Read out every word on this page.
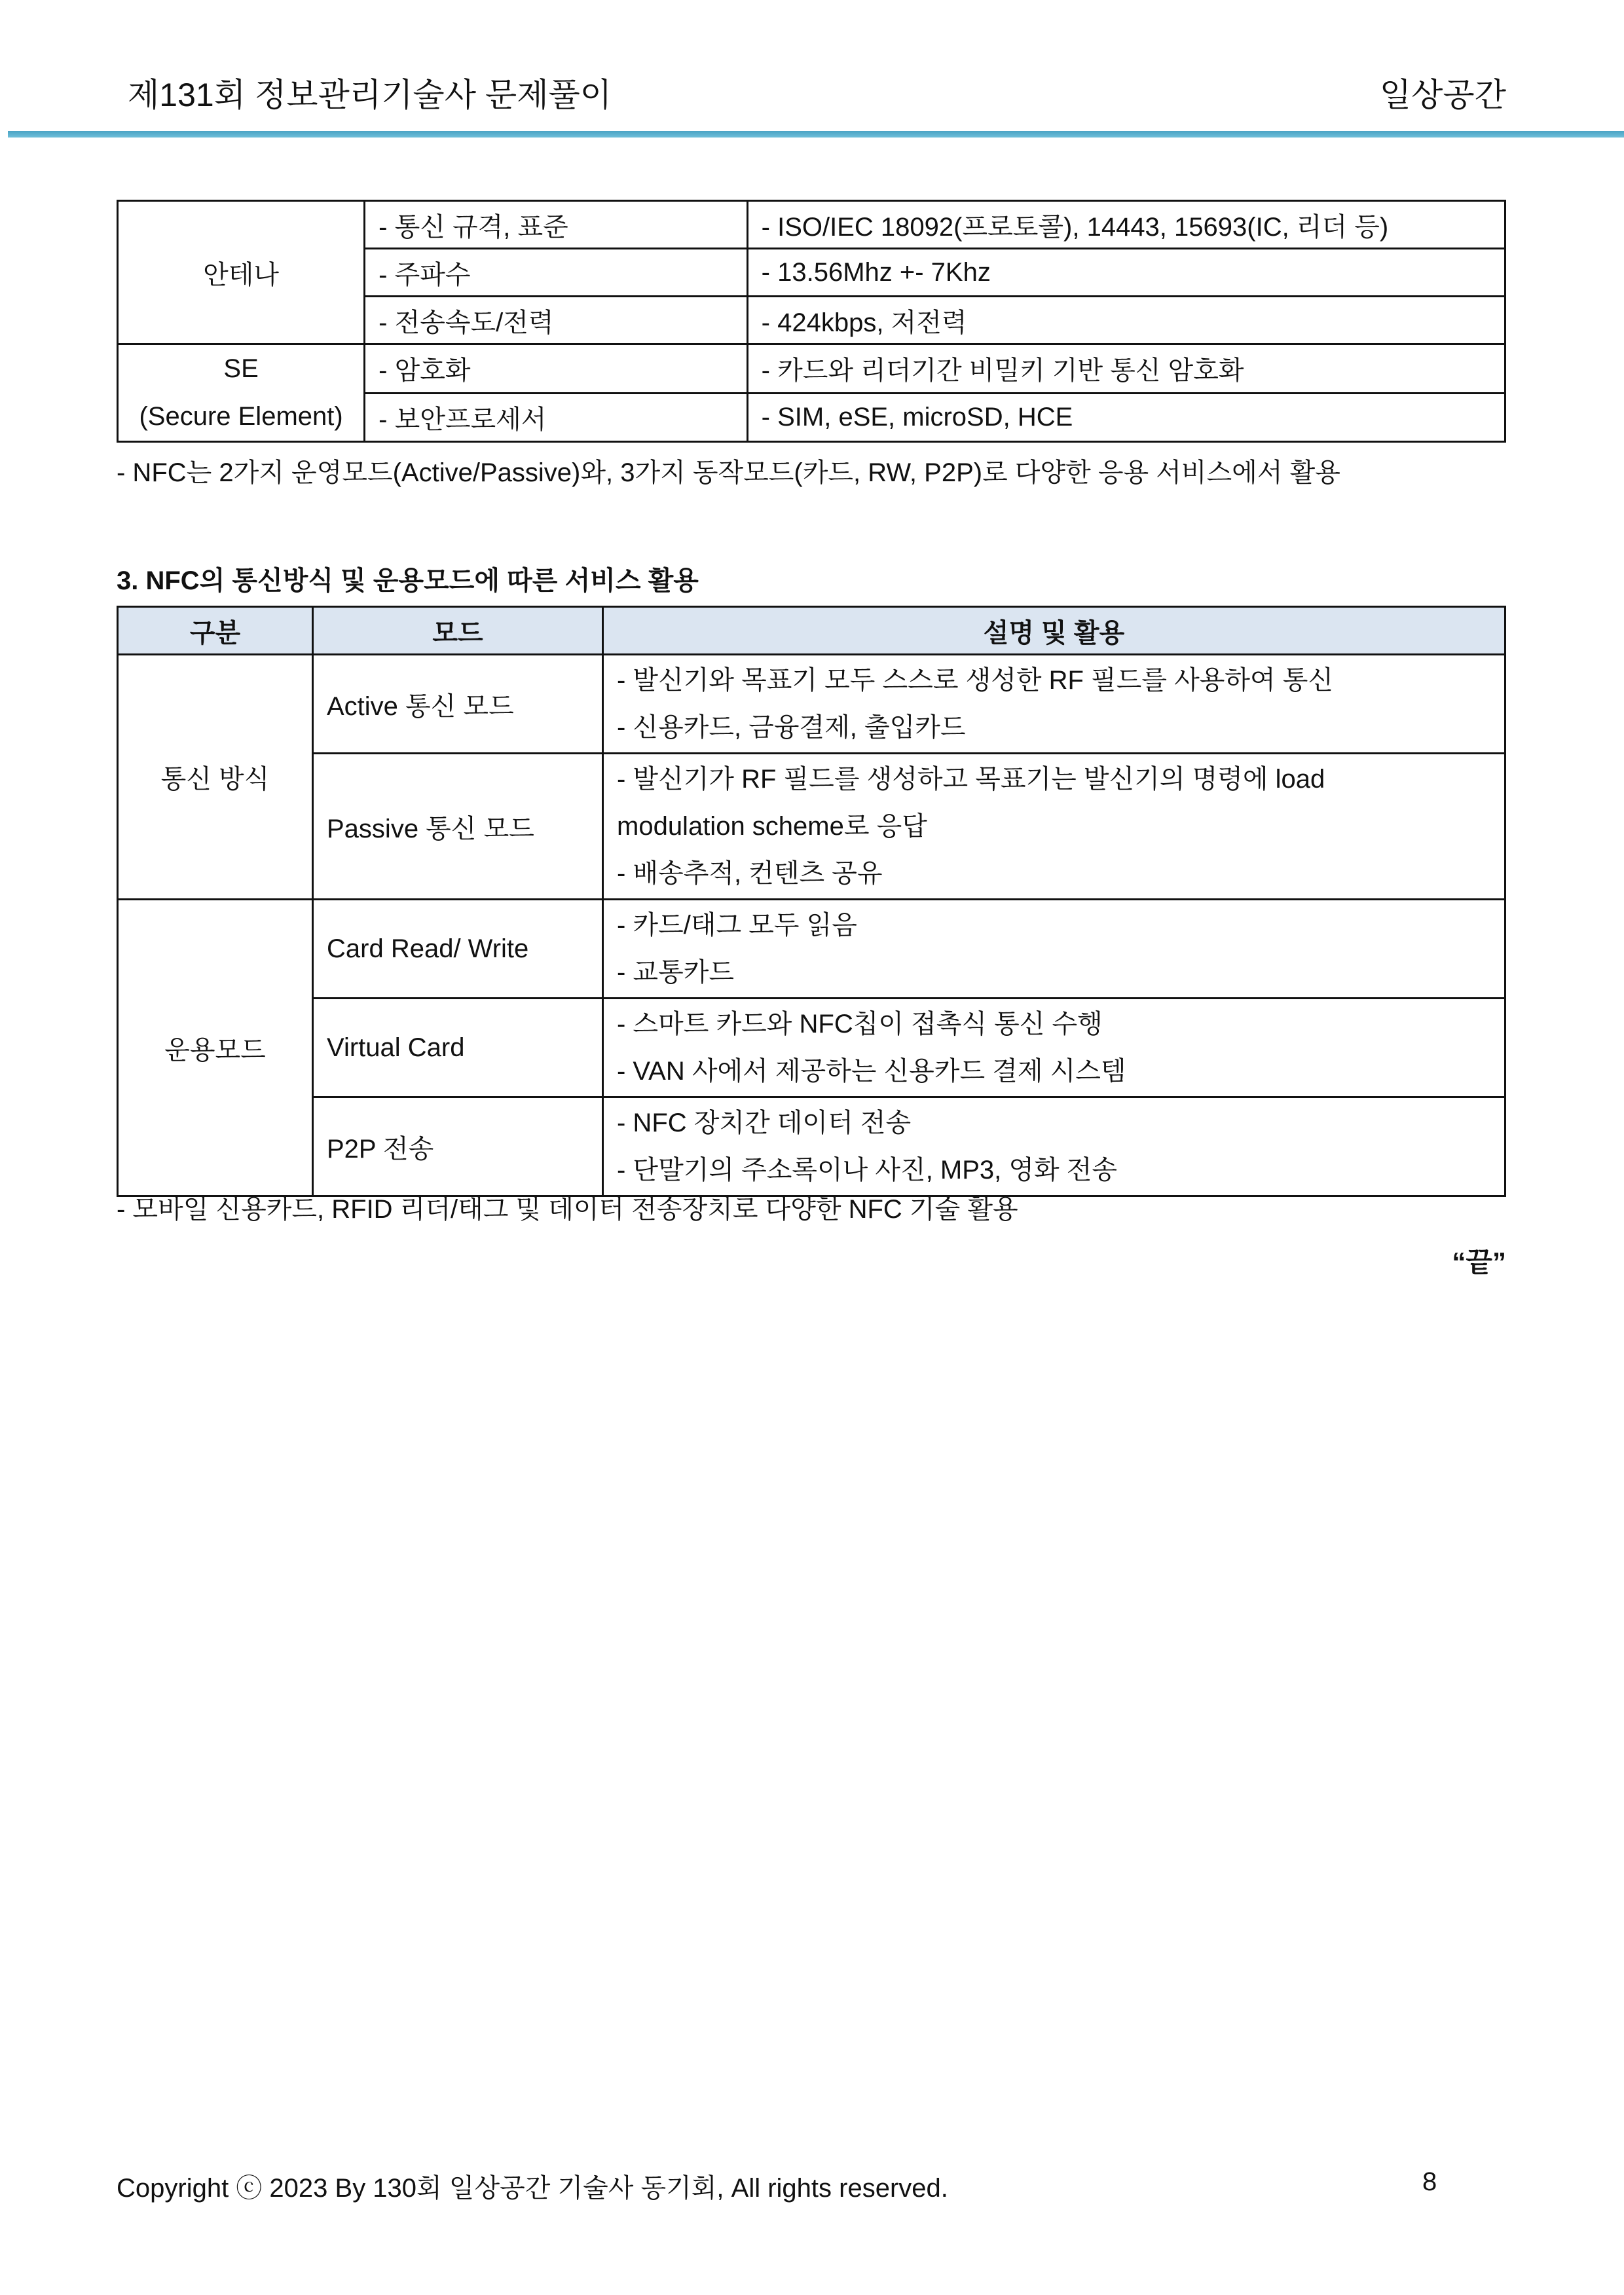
제131회 정보관리기술사 문제풀이	일상공간
안테나	- 통신 규격, 표준	- ISO/IEC 18092(프로토콜), 14443, 15693(IC, 리더 등)
	- 주파수	- 13.56Mhz +- 7Khz
	- 전송속도/전력	- 424kbps, 저전력

SE
(Secure Element)	- 암호화	- 카드와 리더기간 비밀키 기반 통신 암호화
	- 보안프로세서	- SIM, eSE, microSD, HCE
- NFC는 2가지 운영모드(Active/Passive)와, 3가지 동작모드(카드, RW, P2P)로 다양한 응용 서비스에서 활용
3. NFC의 통신방식 및 운용모드에 따른 서비스 활용
구분	모드	설명 및 활용
통신 방식	Active 통신 모드	- 발신기와 목표기 모두 스스로 생성한 RF 필드를 사용하여 통신
- 신용카드, 금융결제, 출입카드

	Passive 통신 모드	- 발신기가 RF 필드를 생성하고 목표기는 발신기의 명령에 load
modulation scheme로 응답
- 배송추적, 컨텐츠 공유

운용모드	Card Read/ Write	- 카드/태그 모두 읽음
- 교통카드

	Virtual Card	- 스마트 카드와 NFC칩이 접촉식 통신 수행
- VAN 사에서 제공하는 신용카드 결제 시스템

	P2P 전송	- NFC 장치간 데이터 전송
- 단말기의 주소록이나 사진, MP3, 영화 전송
- 모바일 신용카드, RFID 리더/태그 및 데이터 전송장치로 다양한 NFC 기술 활용
“끝”
Copyright ⓒ 2023 By 130회 일상공간 기술사 동기회, All rights reserved.	8
